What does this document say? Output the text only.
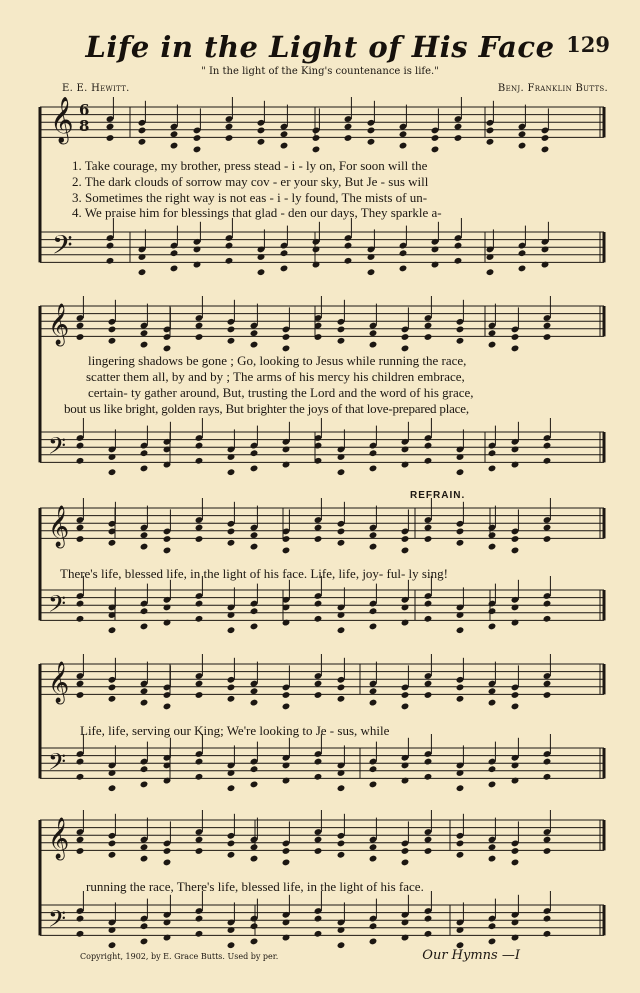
Life in the Light of His Face 129
" In the light of the King's countenance is life."
E. E. Hewitt.	Benj. Franklin Butts.
𝄞
𝄢
𝄞
𝄢
𝄞
𝄢
𝄞
𝄢
𝄞
𝄢
6
8
1. Take courage, my brother, press stead - i - ly on, For soon will the
2. The dark clouds of sorrow may cov - er your sky, But Je - sus will
3. Sometimes the right way is not eas - i - ly found, The mists of un-
4. We praise him for blessings that glad - den our days, They sparkle a-
lingering shadows be gone ; Go, looking to Jesus while running the race,
scatter them all, by and by ; The arms of his mercy his children embrace,
certain- ty gather around, But, trusting the Lord and the word of his grace,
bout us like bright, golden rays, But brighter the joys of that love-prepared place,
REFRAIN.
There's life, blessed life, in the light of his face. Life, life, joy- ful- ly sing!
Life, life, serving our King; We're looking to Je - sus, while
running the race, There's life, blessed life, in the light of his face.
Copyright, 1902, by E. Grace Butts. Used by per.	Our Hymns —I
